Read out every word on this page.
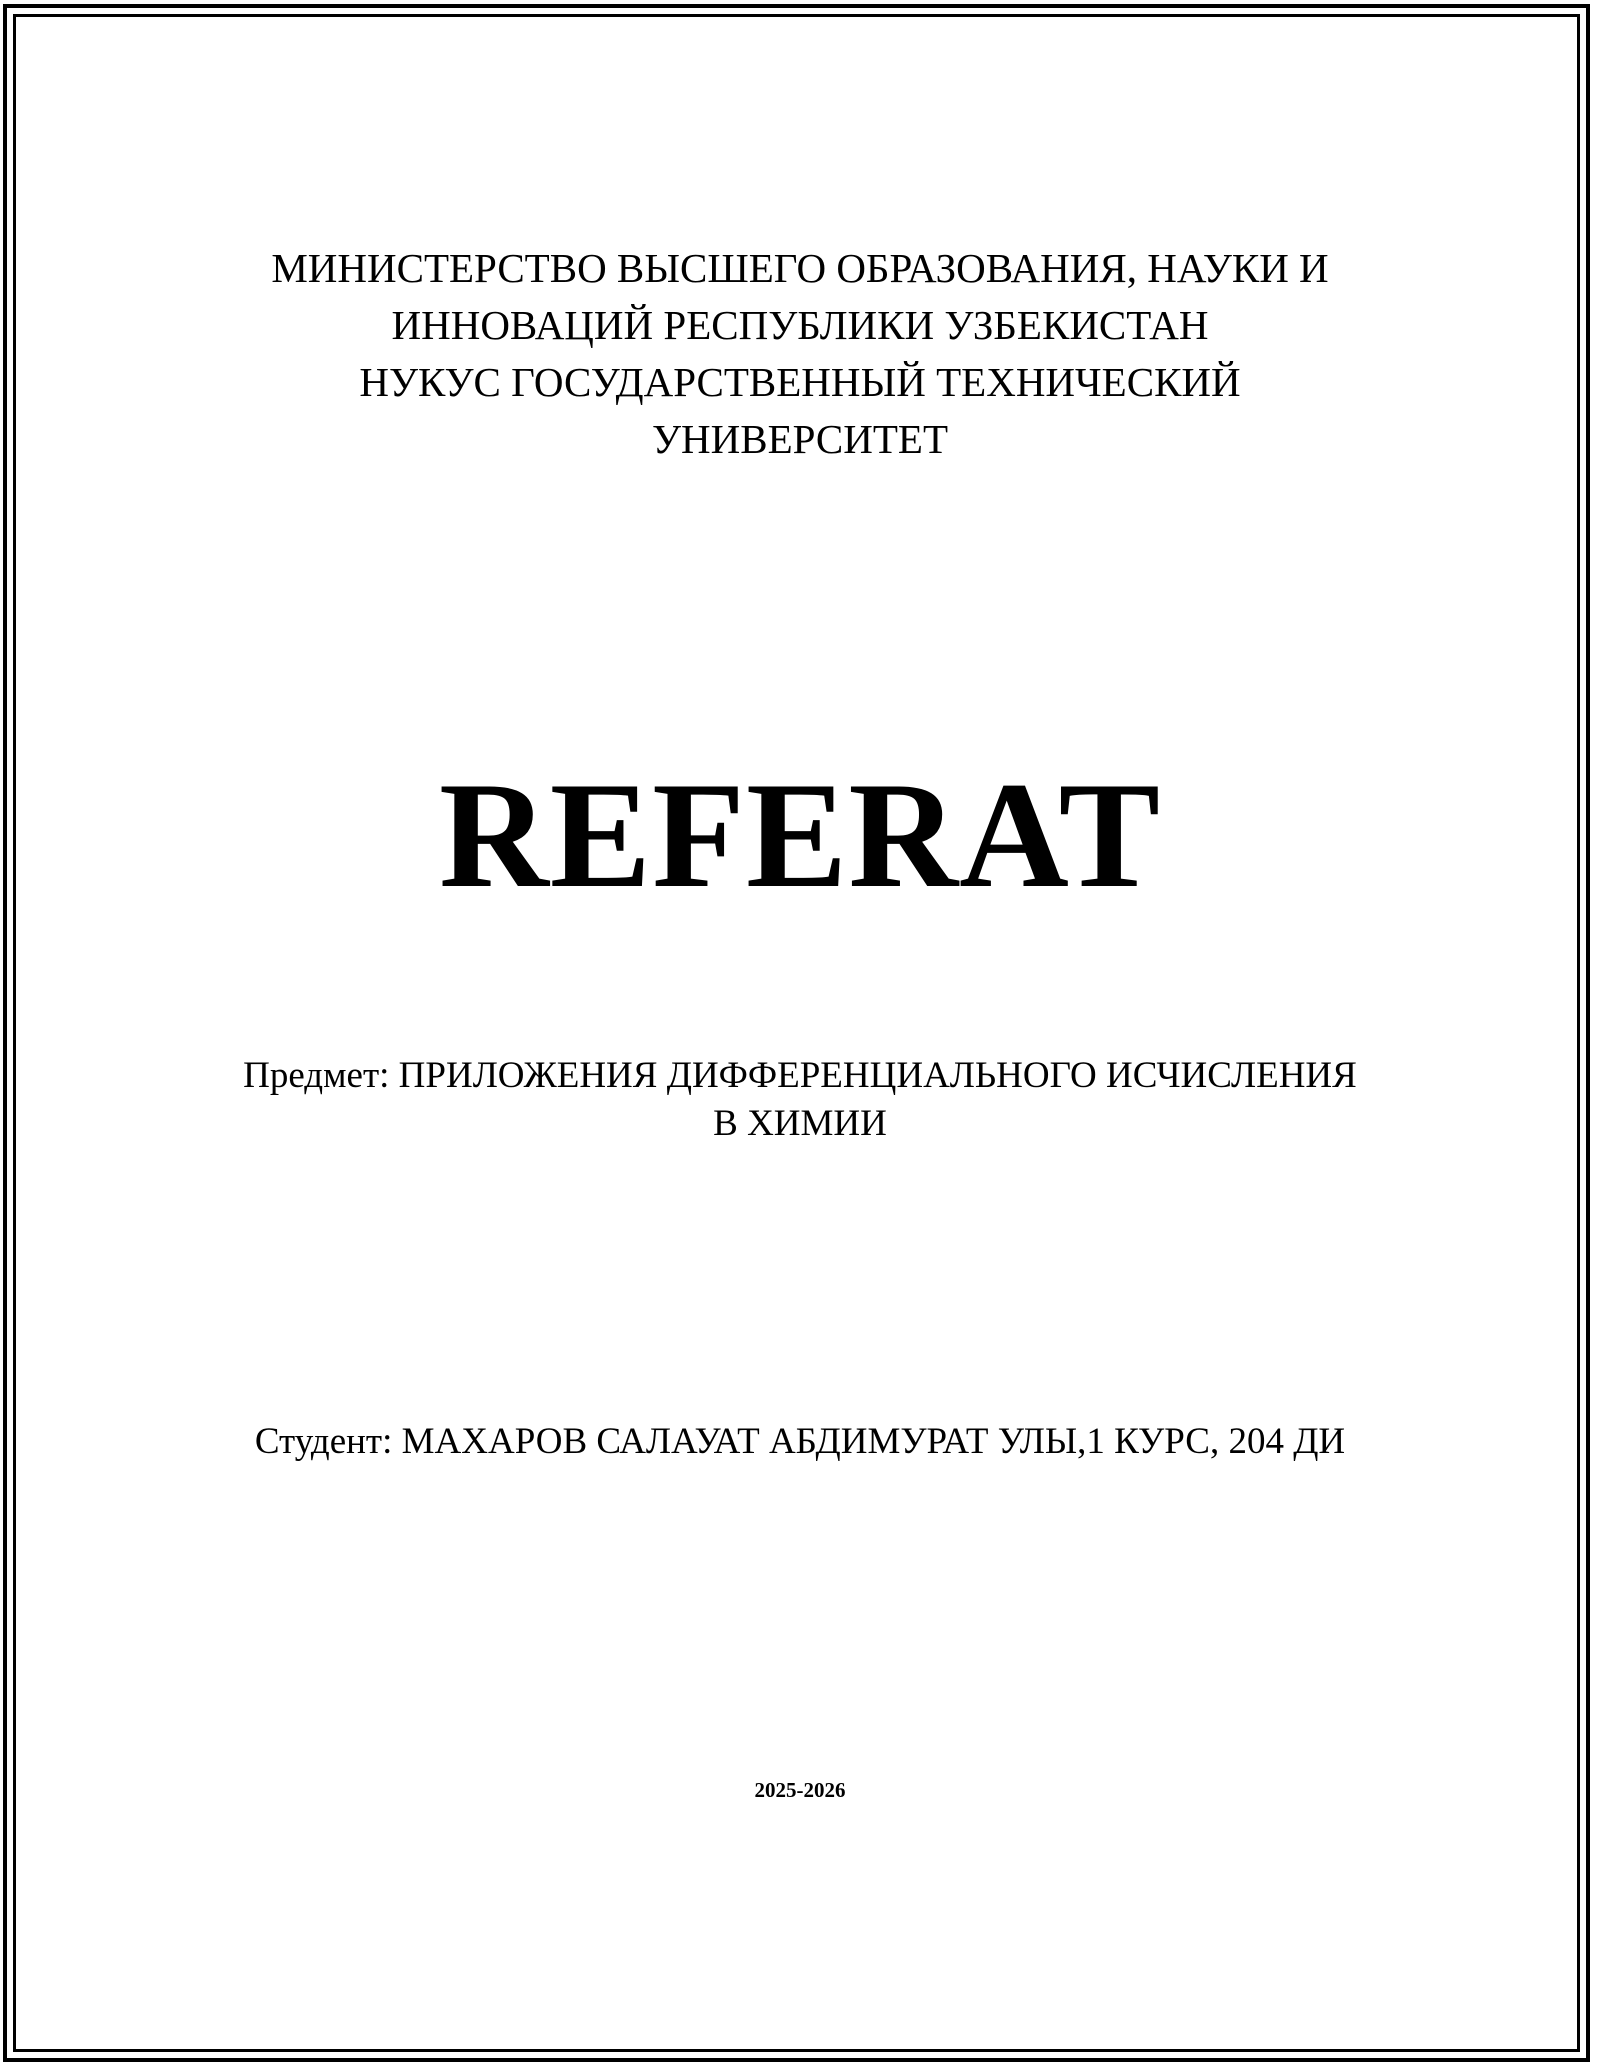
МИНИСТЕРСТВО ВЫСШЕГО ОБРАЗОВАНИЯ, НАУКИ И
ИННОВАЦИЙ РЕСПУБЛИКИ УЗБЕКИСТАН
НУКУС ГОСУДАРСТВЕННЫЙ ТЕХНИЧЕСКИЙ
УНИВЕРСИТЕТ
REFERAT
Предмет: ПРИЛОЖЕНИЯ ДИФФЕРЕНЦИАЛЬНОГО ИСЧИСЛЕНИЯ
В ХИМИИ
Студент: МАХАРОВ САЛАУАТ АБДИМУРАТ УЛЫ,1 КУРС, 204 ДИ
2025-2026
